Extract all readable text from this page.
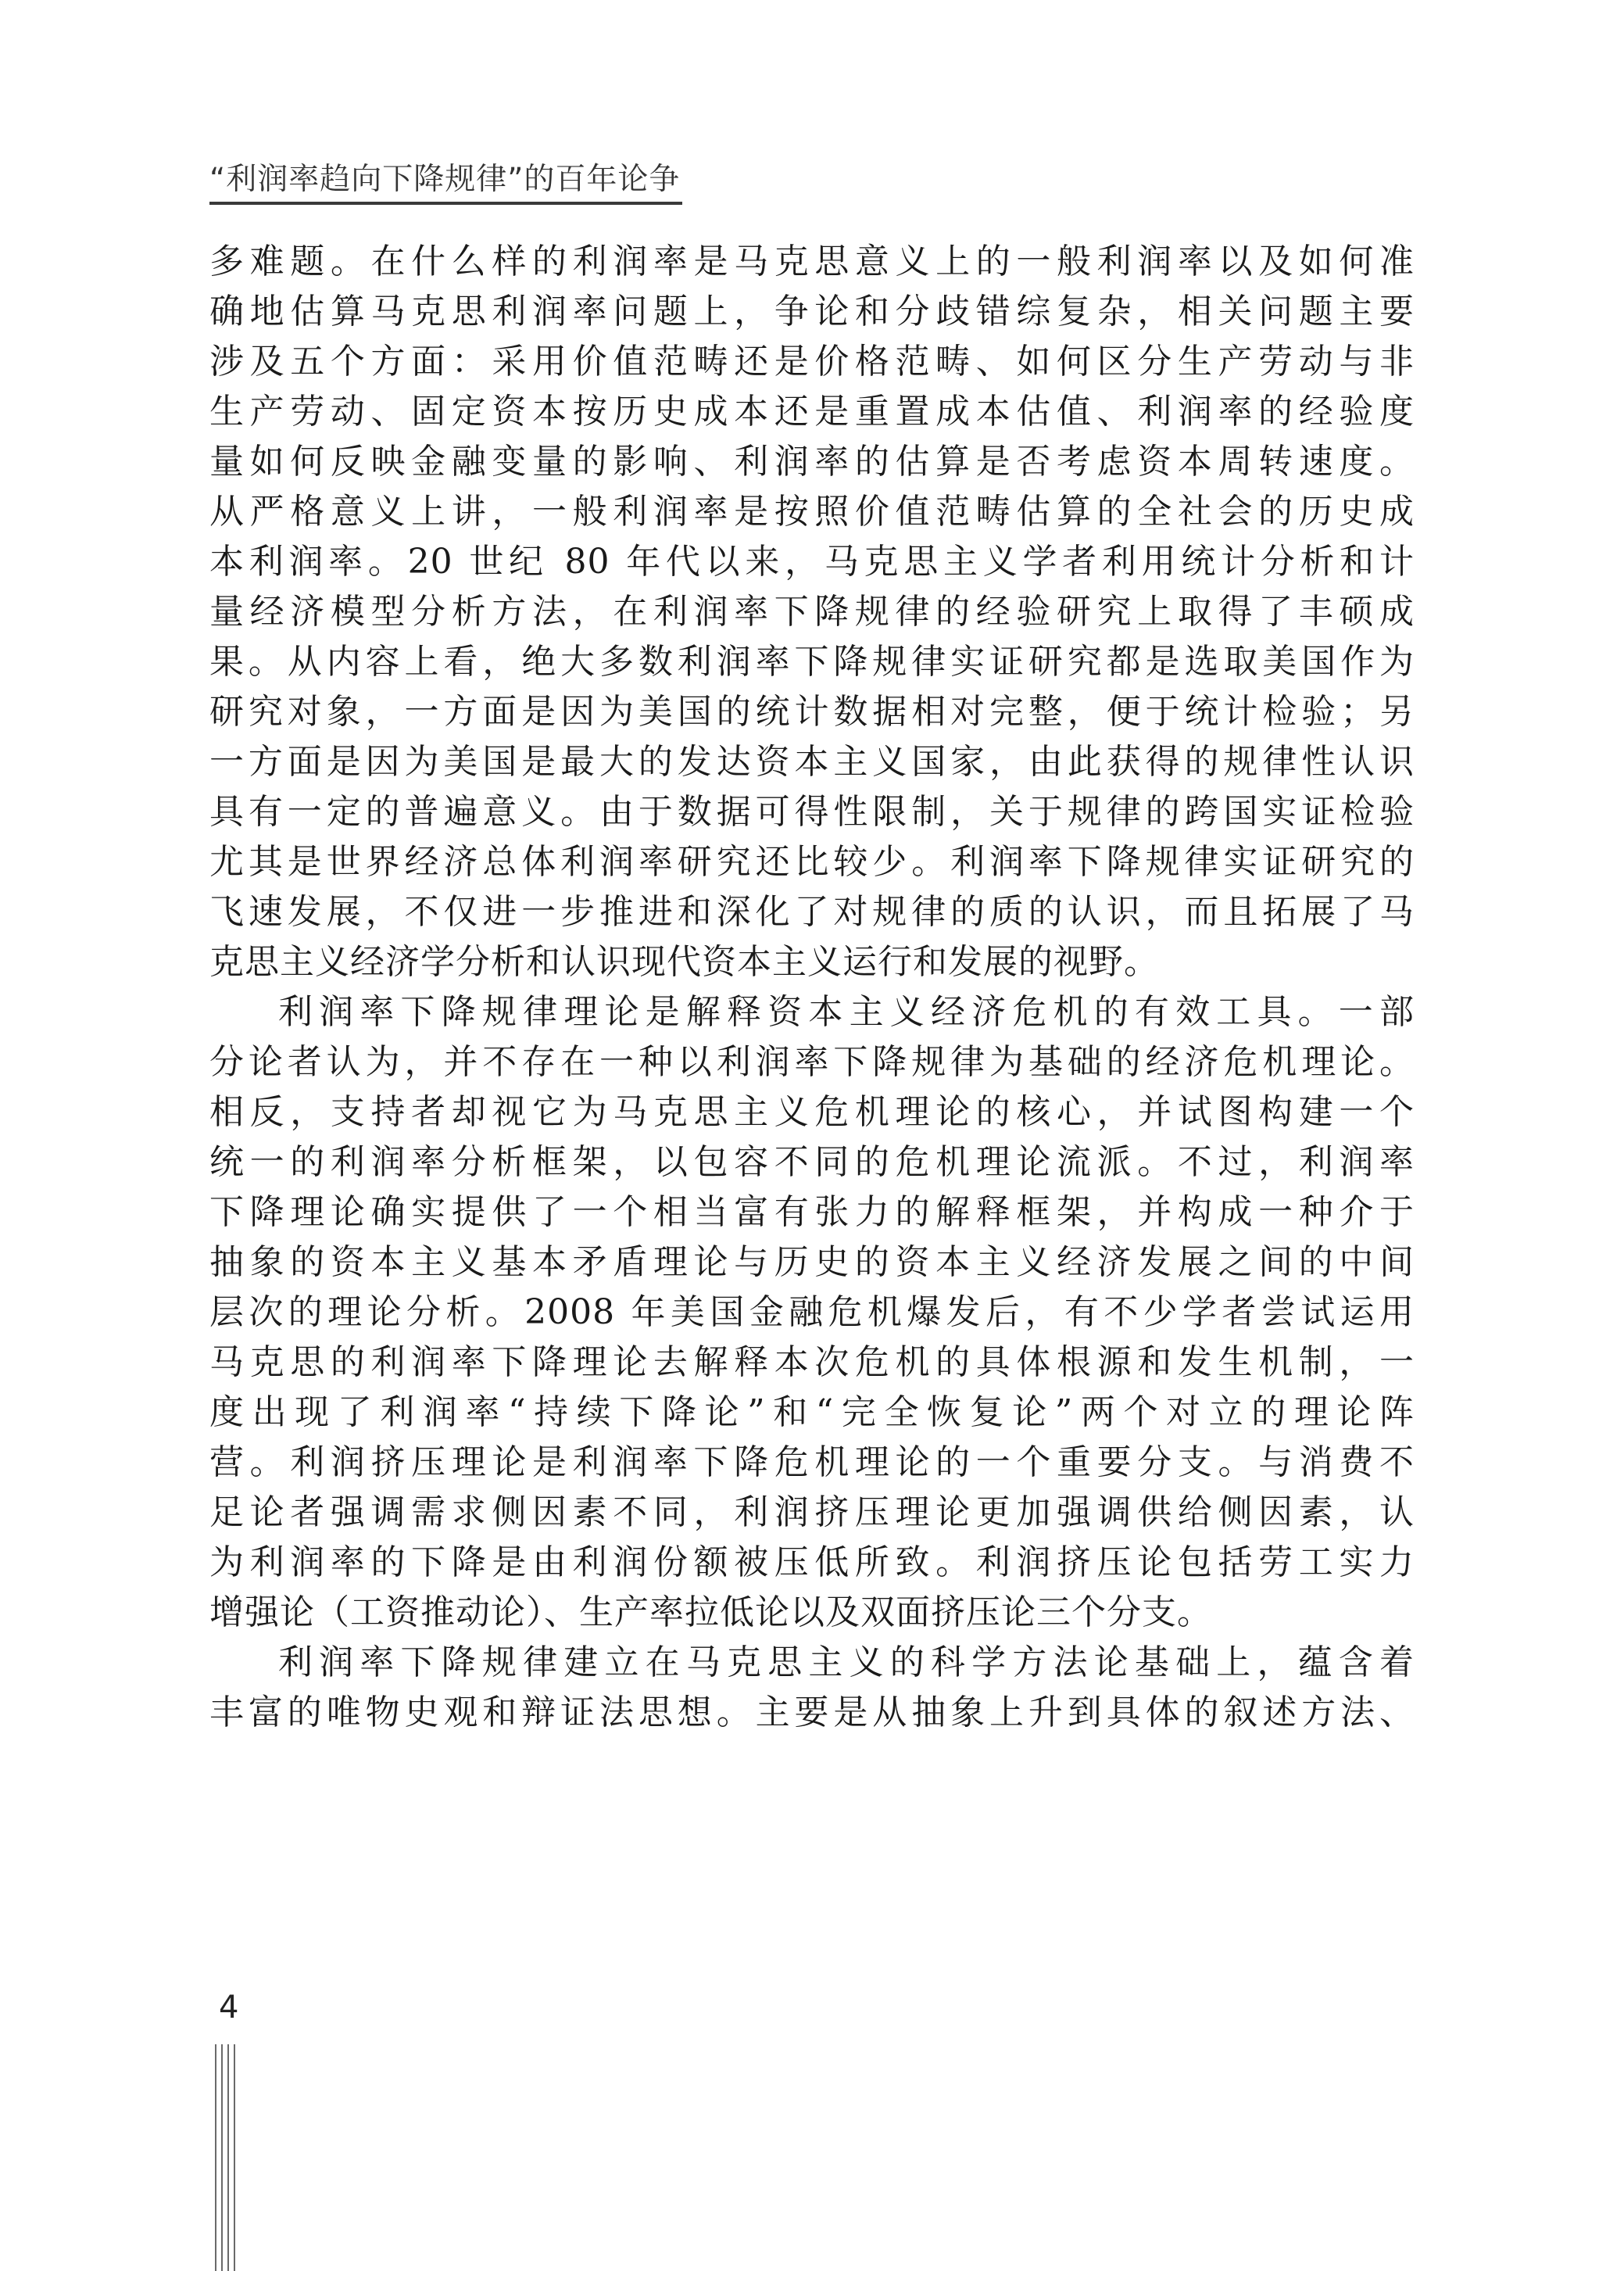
“利润率趋向下降规律”的百年论争
多难题。在什么样的利润率是马克思意义上的一般利润率以及如何准
确地估算马克思利润率问题上，争论和分歧错综复杂，相关问题主要
涉及五个方面：采用价值范畴还是价格范畴、如何区分生产劳动与非
生产劳动、固定资本按历史成本还是重置成本估值、利润率的经验度
量如何反映金融变量的影响、利润率的估算是否考虑资本周转速度。
从严格意义上讲，一般利润率是按照价值范畴估算的全社会的历史成
本利润率。20 世纪 80 年代以来，马克思主义学者利用统计分析和计
量经济模型分析方法，在利润率下降规律的经验研究上取得了丰硕成
果。从内容上看，绝大多数利润率下降规律实证研究都是选取美国作为
研究对象，一方面是因为美国的统计数据相对完整，便于统计检验；另
一方面是因为美国是最大的发达资本主义国家，由此获得的规律性认识
具有一定的普遍意义。由于数据可得性限制，关于规律的跨国实证检验
尤其是世界经济总体利润率研究还比较少。利润率下降规律实证研究的
飞速发展，不仅进一步推进和深化了对规律的质的认识，而且拓展了马
克思主义经济学分析和认识现代资本主义运行和发展的视野。
利润率下降规律理论是解释资本主义经济危机的有效工具。一部
分论者认为，并不存在一种以利润率下降规律为基础的经济危机理论。
相反，支持者却视它为马克思主义危机理论的核心，并试图构建一个
统一的利润率分析框架，以包容不同的危机理论流派。不过，利润率
下降理论确实提供了一个相当富有张力的解释框架，并构成一种介于
抽象的资本主义基本矛盾理论与历史的资本主义经济发展之间的中间
层次的理论分析。2008 年美国金融危机爆发后，有不少学者尝试运用
马克思的利润率下降理论去解释本次危机的具体根源和发生机制，一
度出现了利润率“持续下降论”和“完全恢复论”两个对立的理论阵
营。利润挤压理论是利润率下降危机理论的一个重要分支。与消费不
足论者强调需求侧因素不同，利润挤压理论更加强调供给侧因素，认
为利润率的下降是由利润份额被压低所致。利润挤压论包括劳工实力
增强论（工资推动论）、生产率拉低论以及双面挤压论三个分支。
利润率下降规律建立在马克思主义的科学方法论基础上，蕴含着
丰富的唯物史观和辩证法思想。主要是从抽象上升到具体的叙述方法、
4
